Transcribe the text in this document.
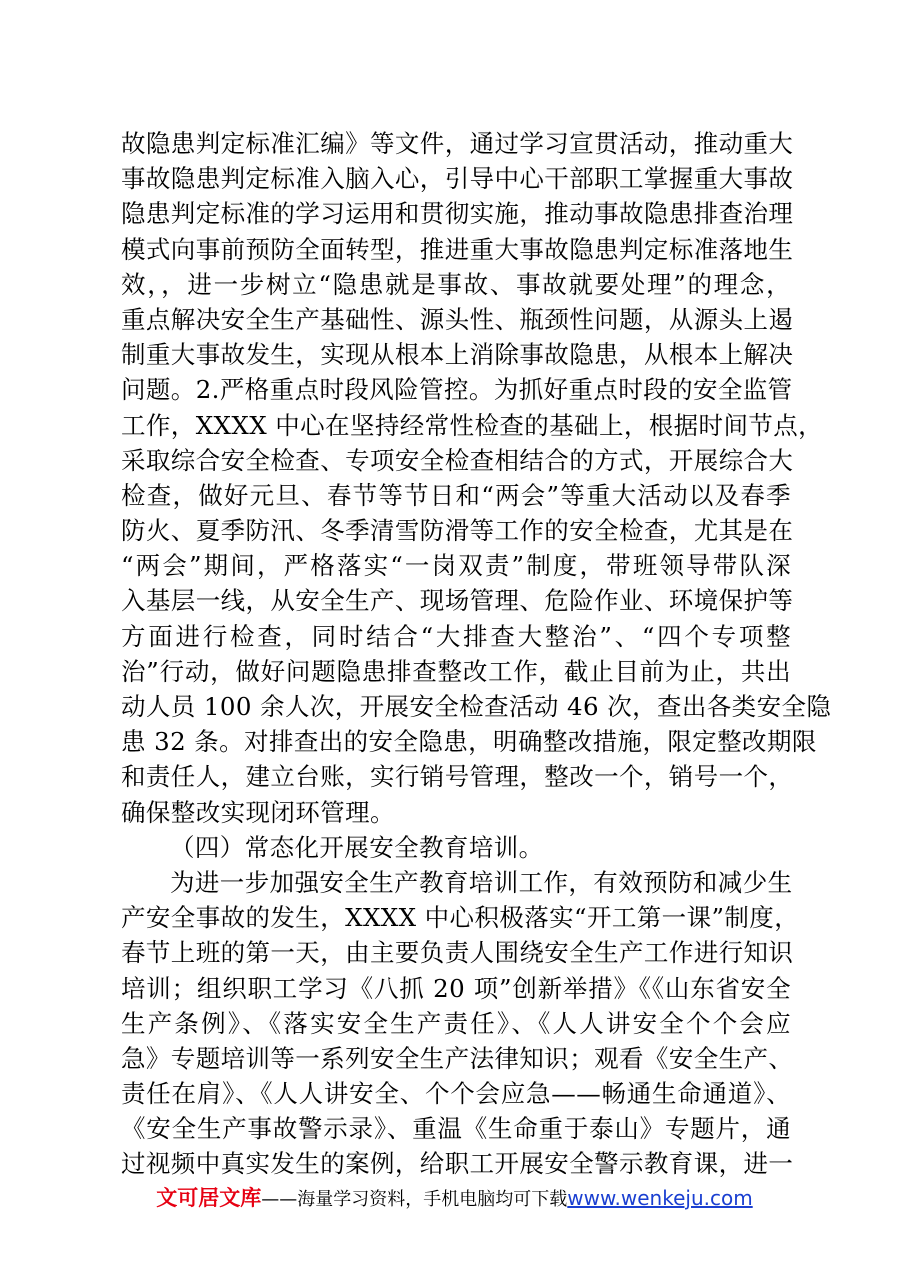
故隐患判定标准汇编》等文件，通过学习宣贯活动，推动重大
事故隐患判定标准入脑入心，引导中心干部职工掌握重大事故
隐患判定标准的学习运用和贯彻实施，推动事故隐患排查治理
模式向事前预防全面转型，推进重大事故隐患判定标准落地生
效，，进一步树立“隐患就是事故、事故就要处理”的理念，
重点解决安全生产基础性、源头性、瓶颈性问题，从源头上遏
制重大事故发生，实现从根本上消除事故隐患，从根本上解决
问题。2.严格重点时段风险管控。为抓好重点时段的安全监管
工作，XXXX 中心在坚持经常性检查的基础上，根据时间节点，
采取综合安全检查、专项安全检查相结合的方式，开展综合大
检查，做好元旦、春节等节日和“两会”等重大活动以及春季
防火、夏季防汛、冬季清雪防滑等工作的安全检查，尤其是在
“两会”期间，严格落实“一岗双责”制度，带班领导带队深
入基层一线，从安全生产、现场管理、危险作业、环境保护等
方面进行检查，同时结合“大排查大整治”、“四个专项整
治”行动，做好问题隐患排查整改工作，截止目前为止，共出
动人员 100 余人次，开展安全检查活动 46 次，查出各类安全隐
患 32 条。对排查出的安全隐患，明确整改措施，限定整改期限
和责任人，建立台账，实行销号管理，整改一个，销号一个，
确保整改实现闭环管理。
（四）常态化开展安全教育培训。
为进一步加强安全生产教育培训工作，有效预防和减少生
产安全事故的发生，XXXX 中心积极落实“开工第一课”制度，
春节上班的第一天，由主要负责人围绕安全生产工作进行知识
培训；组织职工学习《八抓 20 项”创新举措》《《山东省安全
生产条例》、《落实安全生产责任》、《人人讲安全个个会应
急》专题培训等一系列安全生产法律知识；观看《安全生产、
责任在肩》、《人人讲安全、个个会应急——畅通生命通道》、
《安全生产事故警示录》、重温《生命重于泰山》专题片，通
过视频中真实发生的案例，给职工开展安全警示教育课，进一
文可居文库——海量学习资料，手机电脑均可下载www.wenkeju.com
